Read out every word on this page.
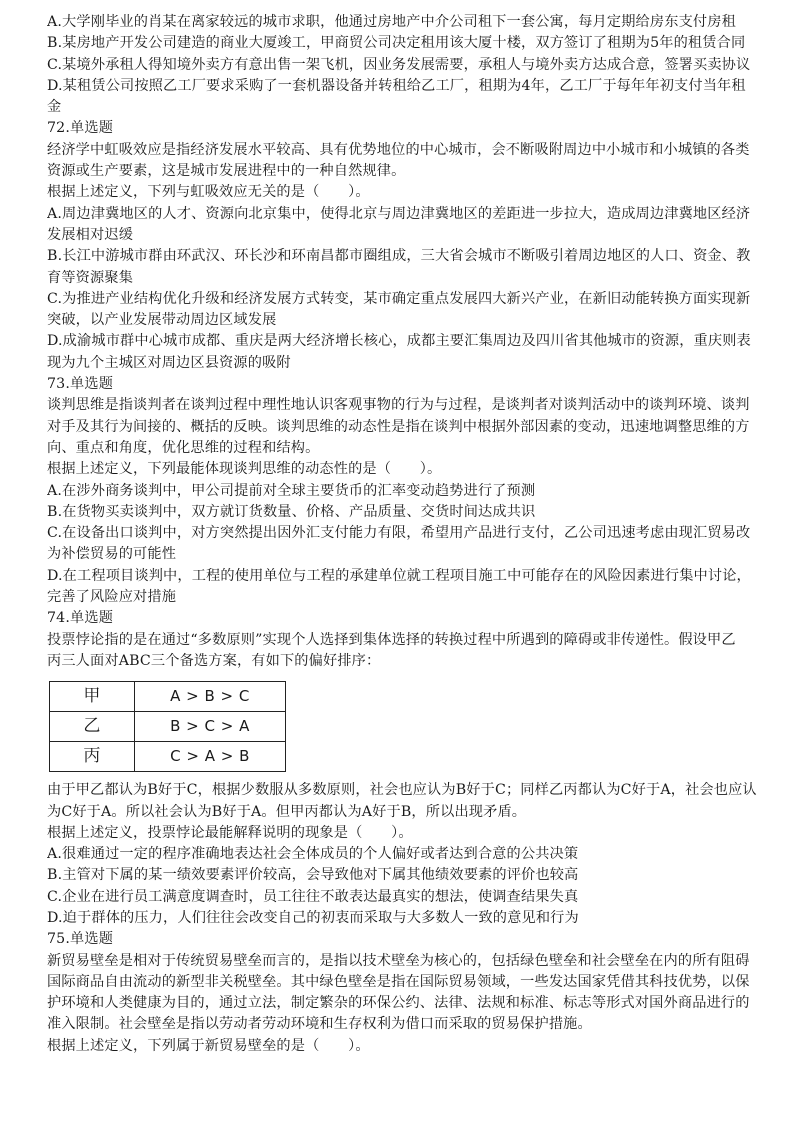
A.大学刚毕业的肖某在离家较远的城市求职，他通过房地产中介公司租下一套公寓，每月定期给房东支付房租
B.某房地产开发公司建造的商业大厦竣工，甲商贸公司决定租用该大厦十楼，双方签订了租期为5年的租赁合同
C.某境外承租人得知境外卖方有意出售一架飞机，因业务发展需要，承租人与境外卖方达成合意，签署买卖协议
D.某租赁公司按照乙工厂要求采购了一套机器设备并转租给乙工厂，租期为4年，乙工厂于每年年初支付当年租
金
72.单选题
经济学中虹吸效应是指经济发展水平较高、具有优势地位的中心城市，会不断吸附周边中小城市和小城镇的各类
资源或生产要素，这是城市发展进程中的一种自然规律。
根据上述定义，下列与虹吸效应无关的是（　　）。
A.周边津冀地区的人才、资源向北京集中，使得北京与周边津冀地区的差距进一步拉大，造成周边津冀地区经济
发展相对迟缓
B.长江中游城市群由环武汉、环长沙和环南昌都市圈组成，三大省会城市不断吸引着周边地区的人口、资金、教
育等资源聚集
C.为推进产业结构优化升级和经济发展方式转变，某市确定重点发展四大新兴产业，在新旧动能转换方面实现新
突破，以产业发展带动周边区域发展
D.成渝城市群中心城市成都、重庆是两大经济增长核心，成都主要汇集周边及四川省其他城市的资源，重庆则表
现为九个主城区对周边区县资源的吸附
73.单选题
谈判思维是指谈判者在谈判过程中理性地认识客观事物的行为与过程，是谈判者对谈判活动中的谈判环境、谈判
对手及其行为间接的、概括的反映。谈判思维的动态性是指在谈判中根据外部因素的变动，迅速地调整思维的方
向、重点和角度，优化思维的过程和结构。
根据上述定义，下列最能体现谈判思维的动态性的是（　　）。
A.在涉外商务谈判中，甲公司提前对全球主要货币的汇率变动趋势进行了预测
B.在货物买卖谈判中，双方就订货数量、价格、产品质量、交货时间达成共识
C.在设备出口谈判中，对方突然提出因外汇支付能力有限，希望用产品进行支付，乙公司迅速考虑由现汇贸易改
为补偿贸易的可能性
D.在工程项目谈判中，工程的使用单位与工程的承建单位就工程项目施工中可能存在的风险因素进行集中讨论，
完善了风险应对措施
74.单选题
投票悖论指的是在通过“多数原则”实现个人选择到集体选择的转换过程中所遇到的障碍或非传递性。假设甲乙
丙三人面对ABC三个备选方案，有如下的偏好排序：
甲	A > B > C
乙	B > C > A
丙	C > A > B
由于甲乙都认为B好于C，根据少数服从多数原则，社会也应认为B好于C；同样乙丙都认为C好于A，社会也应认
为C好于A。所以社会认为B好于A。但甲丙都认为A好于B，所以出现矛盾。
根据上述定义，投票悖论最能解释说明的现象是（　　）。
A.很难通过一定的程序准确地表达社会全体成员的个人偏好或者达到合意的公共决策
B.主管对下属的某一绩效要素评价较高，会导致他对下属其他绩效要素的评价也较高
C.企业在进行员工满意度调查时，员工往往不敢表达最真实的想法，使调查结果失真
D.迫于群体的压力，人们往往会改变自己的初衷而采取与大多数人一致的意见和行为
75.单选题
新贸易壁垒是相对于传统贸易壁垒而言的，是指以技术壁垒为核心的，包括绿色壁垒和社会壁垒在内的所有阻碍
国际商品自由流动的新型非关税壁垒。其中绿色壁垒是指在国际贸易领域，一些发达国家凭借其科技优势，以保
护环境和人类健康为目的，通过立法，制定繁杂的环保公约、法律、法规和标准、标志等形式对国外商品进行的
准入限制。社会壁垒是指以劳动者劳动环境和生存权利为借口而采取的贸易保护措施。
根据上述定义，下列属于新贸易壁垒的是（　　）。
